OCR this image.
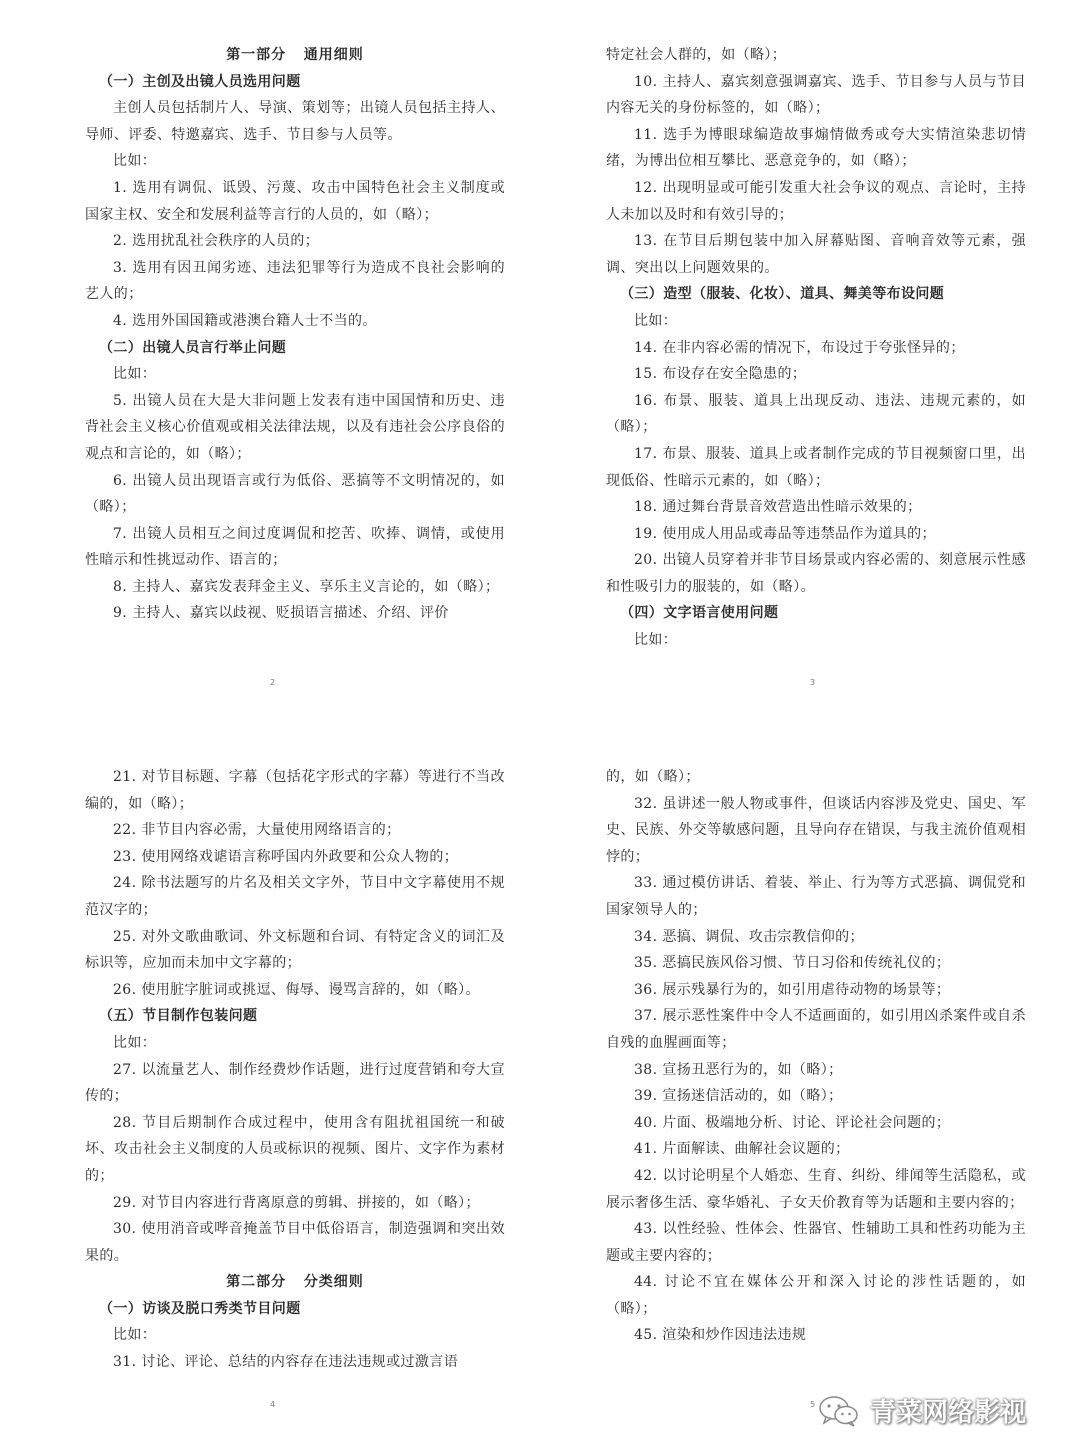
第一部分   通用细则

（一）主创及出镜人员选用问题

主创人员包括制片人、导演、策划等；出镜人员包括主持人、导师、评委、特邀嘉宾、选手、节目参与人员等。

比如：

1. 选用有调侃、诋毁、污蔑、攻击中国特色社会主义制度或国家主权、安全和发展利益等言行的人员的，如（略）；

2. 选用扰乱社会秩序的人员的；

3. 选用有因丑闻劣迹、违法犯罪等行为造成不良社会影响的艺人的；

4. 选用外国国籍或港澳台籍人士不当的。

（二）出镜人员言行举止问题

比如：

5. 出镜人员在大是大非问题上发表有违中国国情和历史、违背社会主义核心价值观或相关法律法规，以及有违社会公序良俗的观点和言论的，如（略）；

6. 出镜人员出现语言或行为低俗、恶搞等不文明情况的，如（略）；

7. 出镜人员相互之间过度调侃和挖苦、吹捧、调情，或使用性暗示和性挑逗动作、语言的；

8. 主持人、嘉宾发表拜金主义、享乐主义言论的，如（略）；

9. 主持人、嘉宾以歧视、贬损语言描述、介绍、评价

2

特定社会人群的，如（略）；

10. 主持人、嘉宾刻意强调嘉宾、选手、节目参与人员与节目内容无关的身份标签的，如（略）；

11. 选手为博眼球编造故事煽情做秀或夸大实情渲染悲切情绪，为博出位相互攀比、恶意竞争的，如（略）；

12. 出现明显或可能引发重大社会争议的观点、言论时，主持人未加以及时和有效引导的；

13. 在节目后期包装中加入屏幕贴图、音响音效等元素，强调、突出以上问题效果的。

（三）造型（服装、化妆）、道具、舞美等布设问题

比如：

14. 在非内容必需的情况下，布设过于夸张怪异的；

15. 布设存在安全隐患的；

16. 布景、服装、道具上出现反动、违法、违规元素的，如（略）；

17. 布景、服装、道具上或者制作完成的节目视频窗口里，出现低俗、性暗示元素的，如（略）；

18. 通过舞台背景音效营造出性暗示效果的；

19. 使用成人用品或毒品等违禁品作为道具的；

20. 出镜人员穿着并非节目场景或内容必需的、刻意展示性感和性吸引力的服装的，如（略）。

（四）文字语言使用问题

比如：

3

21. 对节目标题、字幕（包括花字形式的字幕）等进行不当改编的，如（略）；

22. 非节目内容必需，大量使用网络语言的；

23. 使用网络戏谑语言称呼国内外政要和公众人物的；

24. 除书法题写的片名及相关文字外，节目中文字幕使用不规范汉字的；

25. 对外文歌曲歌词、外文标题和台词、有特定含义的词汇及标识等，应加而未加中文字幕的；

26. 使用脏字脏词或挑逗、侮辱、谩骂言辞的，如（略）。

（五）节目制作包装问题

比如：

27. 以流量艺人、制作经费炒作话题，进行过度营销和夸大宣传的；

28. 节目后期制作合成过程中，使用含有阻扰祖国统一和破坏、攻击社会主义制度的人员或标识的视频、图片、文字作为素材的；

29. 对节目内容进行背离原意的剪辑、拼接的，如（略）；

30. 使用消音或哔音掩盖节目中低俗语言，制造强调和突出效果的。

第二部分   分类细则

（一）访谈及脱口秀类节目问题

比如：

31. 讨论、评论、总结的内容存在违法违规或过激言语

4

的，如（略）；

32. 虽讲述一般人物或事件，但谈话内容涉及党史、国史、军史、民族、外交等敏感问题，且导向存在错误，与我主流价值观相悖的；

33. 通过模仿讲话、着装、举止、行为等方式恶搞、调侃党和国家领导人的；

34. 恶搞、调侃、攻击宗教信仰的；

35. 恶搞民族风俗习惯、节日习俗和传统礼仪的；

36. 展示残暴行为的，如引用虐待动物的场景等；

37. 展示恶性案件中令人不适画面的，如引用凶杀案件或自杀自残的血腥画面等；

38. 宣扬丑恶行为的，如（略）；

39. 宣扬迷信活动的，如（略）；

40. 片面、极端地分析、讨论、评论社会问题的；

41. 片面解读、曲解社会议题的；

42. 以讨论明星个人婚恋、生育、纠纷、绯闻等生活隐私，或展示奢侈生活、豪华婚礼、子女天价教育等为话题和主要内容的；

43. 以性经验、性体会、性器官、性辅助工具和性药功能为主题或主要内容的；

44. 讨论不宜在媒体公开和深入讨论的涉性话题的，如（略）；

45. 渲染和炒作因违法违规

5 青菜网络影视
